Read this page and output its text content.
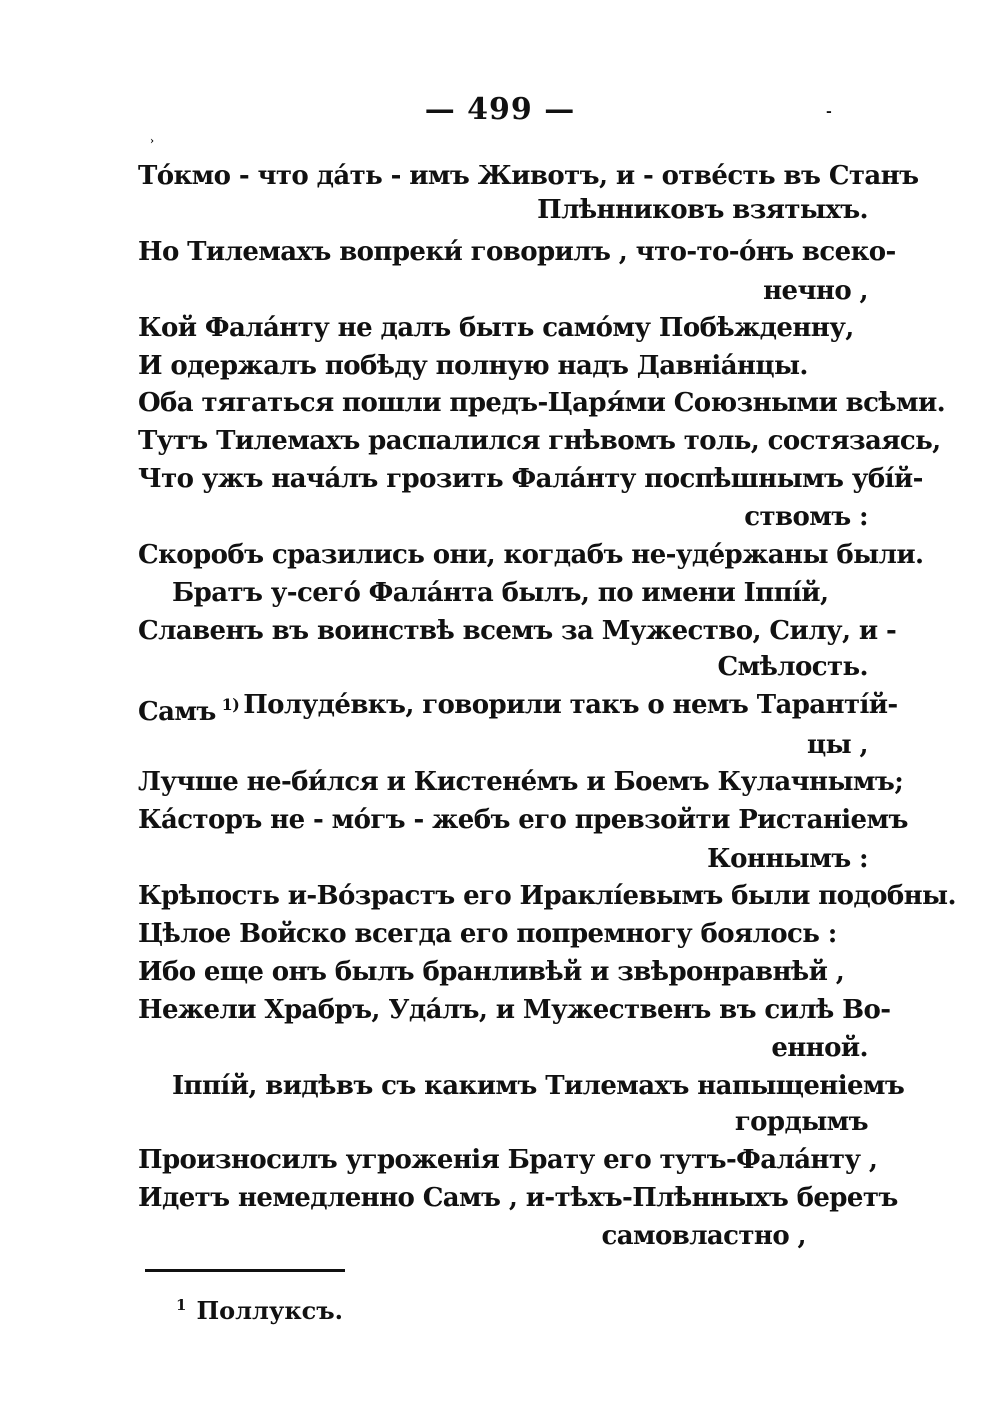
— 499 —	‑
›
То́кмо - что да́ть - имъ Животъ, и - отве́сть въ Станъ
Плѣнниковъ взятыхъ.
Но Тилемахъ вопреки́ говорилъ , что-то-о́нъ всеко-
нечно ,
Кой Фала́нту не далъ быть само́му Побѣжденну,
И одержалъ побѣду полную надъ Давніа́нцы.
Оба тягаться пошли предъ-Царя́ми Союзными всѣми.
Тутъ Тилемахъ распалился гнѣвомъ толь, состязаясь,
Что ужъ нача́лъ грозить Фала́нту поспѣшнымъ убі́й-
ствомъ :
Скоробъ сразились они, когдабъ не-уде́ржаны были.
Братъ у-сего́ Фала́нта былъ, по имени Іппі́й,
Славенъ въ воинствѣ всемъ за Мужество, Силу, и -
Смѣлость.
Самъ $^{1)}$ Полуде́вкъ, говорили такъ о немъ Таранті́й-
цы ,
Лучше не-би́лся и Кистене́мъ и Боемъ Кулачнымъ;
Ка́сторъ не - мо́гъ - жебъ его превзойти Ристаніемъ
Коннымъ :
Крѣпость и-Во́зрастъ его Ираклі́евымъ были подобны.
Цѣлое Войско всегда его попремногу боялось :
Ибо еще онъ былъ бранливѣй и звѣронравнѣй ,
Нежели Храбръ, Уда́лъ, и Мужественъ въ силѣ Во-
енной.
Іппі́й, видѣвъ съ какимъ Тилемахъ напыщеніемъ
гордымъ
Произносилъ угроженія Брату его тутъ-Фала́нту ,
Идетъ немедленно Самъ , и-тѣхъ-Плѣнныхъ беретъ
самовластно ,
$^1$ Поллуксъ.
